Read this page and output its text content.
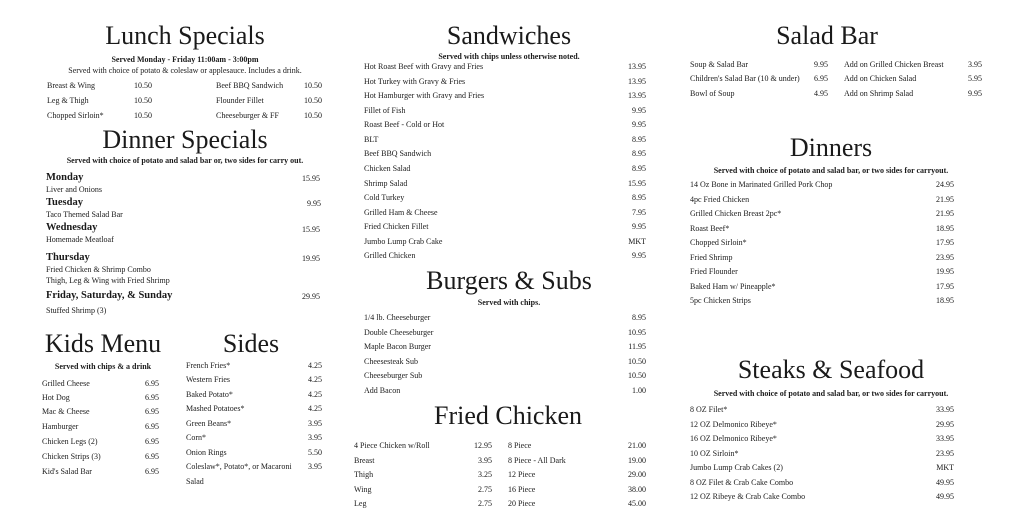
Lunch Specials
Served Monday - Friday 11:00am - 3:00pm
Served with choice of potato & coleslaw or applesauce. Includes a drink.
Breast & Wing	10.50	Beef BBQ Sandwich	10.50
Leg & Thigh	10.50	Flounder Fillet	10.50
Chopped Sirloin*	10.50	Cheeseburger & FF	10.50
Dinner Specials
Served with choice of potato and salad bar or, two sides for carry out.
Monday	15.95
Liver and Onions
Tuesday	9.95
Taco Themed Salad Bar
Wednesday	15.95
Homemade Meatloaf
Thursday	19.95
Fried Chicken & Shrimp Combo
Thigh, Leg & Wing with Fried Shrimp
Friday, Saturday, & Sunday	29.95
Stuffed Shrimp (3)
Kids Menu
Served with chips & a drink
Grilled Cheese	6.95
Hot Dog	6.95
Mac & Cheese	6.95
Hamburger	6.95
Chicken Legs (2)	6.95
Chicken Strips (3)	6.95
Kid's Salad Bar	6.95
Sides
French Fries*	4.25
Western Fries	4.25
Baked Potato*	4.25
Mashed Potatoes*	4.25
Green Beans*	3.95
Corn*	3.95
Onion Rings	5.50
Coleslaw*, Potato*, or Macaroni 3.95
Salad
Sandwiches
Served with chips unless otherwise noted.
Hot Roast Beef with Gravy and Fries	13.95
Hot Turkey with Gravy & Fries	13.95
Hot Hamburger with Gravy and Fries	13.95
Fillet of Fish	9.95
Roast Beef - Cold or Hot	9.95
BLT	8.95
Beef BBQ Sandwich	8.95
Chicken Salad	8.95
Shrimp Salad	15.95
Cold Turkey	8.95
Grilled Ham & Cheese	7.95
Fried Chicken Fillet	9.95
Jumbo Lump Crab Cake	MKT
Grilled Chicken	9.95
Burgers & Subs
Served with chips.
1/4 lb. Cheeseburger	8.95
Double Cheeseburger	10.95
Maple Bacon Burger	11.95
Cheesesteak Sub	10.50
Cheeseburger Sub	10.50
Add Bacon	1.00
Fried Chicken
4 Piece Chicken w/Roll	12.95
Breast	3.95
Thigh	3.25
Wing	2.75
Leg	2.75
8 Piece	21.00
8 Piece - All Dark	19.00
12 Piece	29.00
16 Piece	38.00
20 Piece	45.00
Salad Bar
Soup & Salad Bar	9.95
Children's Salad Bar (10 & under) 6.95
Bowl of Soup	4.95
Add on Grilled Chicken Breast	3.95
Add on Chicken Salad	5.95
Add on Shrimp Salad	9.95
Dinners
Served with choice of potato and salad bar, or two sides for carryout.
14 Oz Bone in Marinated Grilled Pork Chop	24.95
4pc Fried Chicken	21.95
Grilled Chicken Breast 2pc*	21.95
Roast Beef*	18.95
Chopped Sirloin*	17.95
Fried Shrimp	23.95
Fried Flounder	19.95
Baked Ham w/ Pineapple*	17.95
5pc Chicken Strips	18.95
Steaks & Seafood
Served with choice of potato and salad bar, or two sides for carryout.
8 OZ Filet*	33.95
12 OZ Delmonico Ribeye*	29.95
16 OZ Delmonico Ribeye*	33.95
10 OZ Sirloin*	23.95
Jumbo Lump Crab Cakes (2)	MKT
8 OZ Filet & Crab Cake Combo	49.95
12 OZ Ribeye & Crab Cake Combo	49.95
